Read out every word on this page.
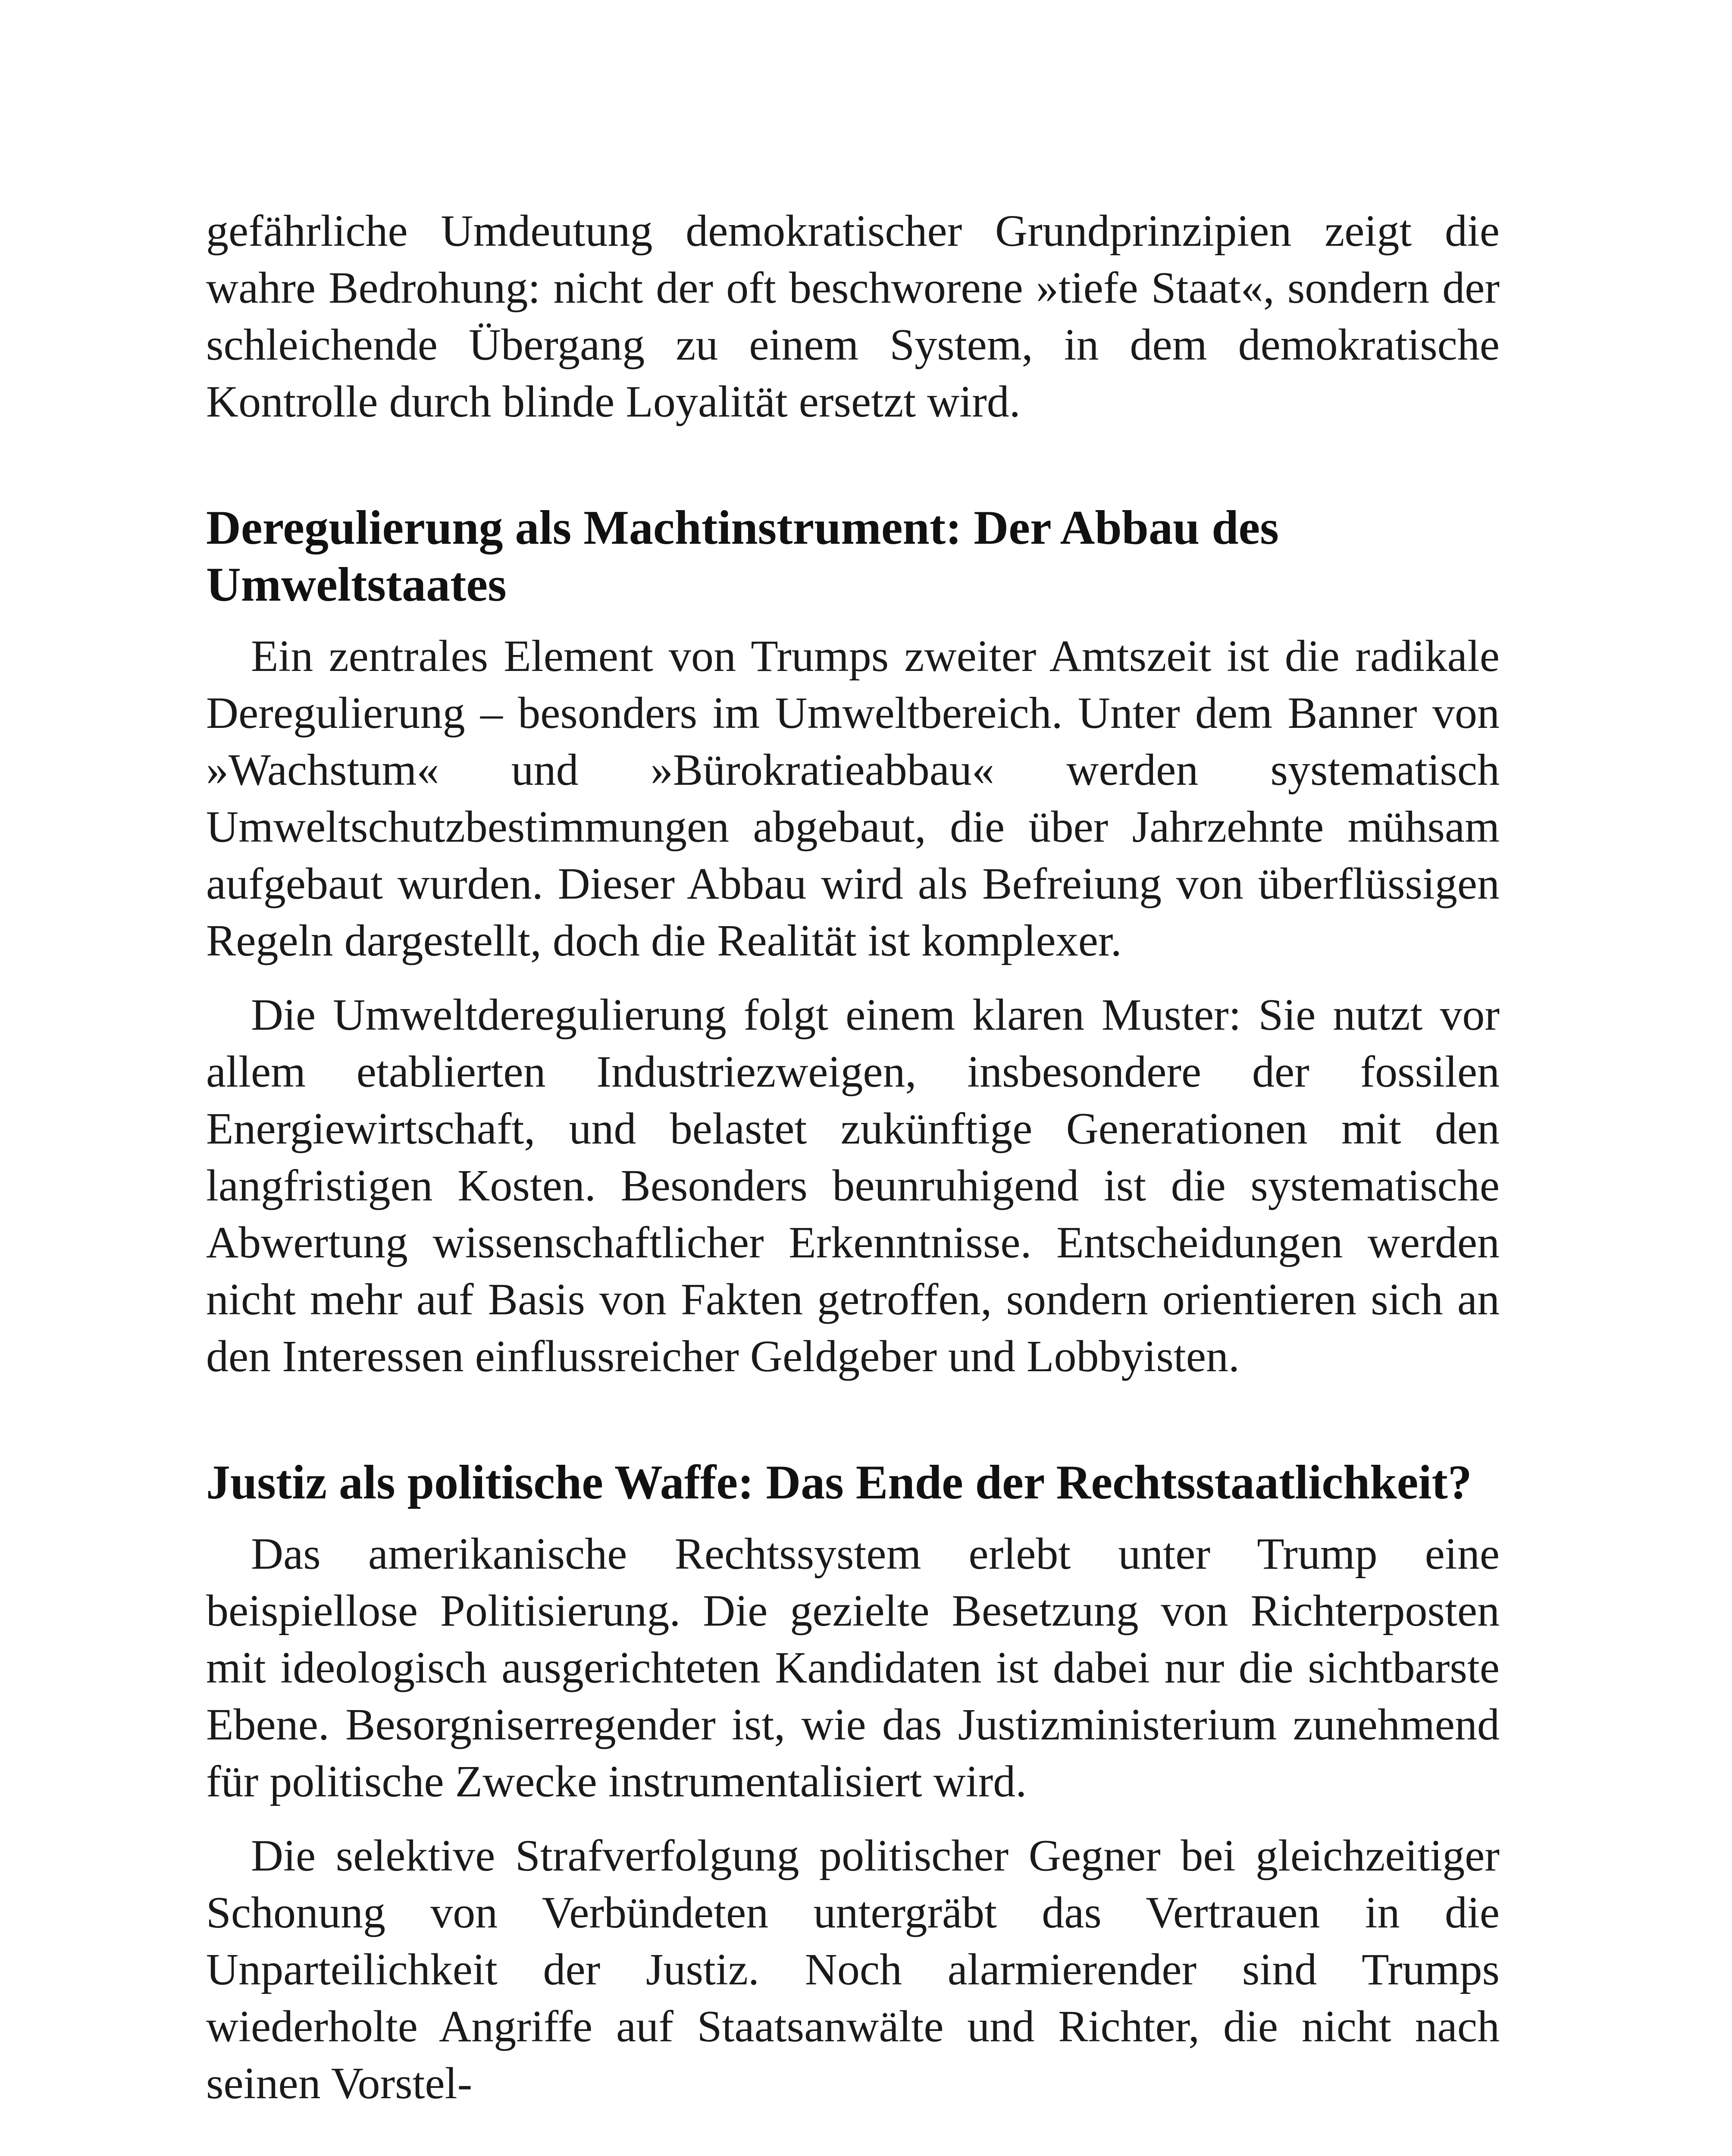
gefährliche Umdeutung demokratischer Grundprinzipien zeigt die wahre Bedrohung: nicht der oft beschworene »tiefe Staat«, sondern der schleichende Übergang zu einem System, in dem demokratische Kontrolle durch blinde Loyalität ersetzt wird.

Deregulierung als Machtinstrument: Der Abbau des Umweltstaates

Ein zentrales Element von Trumps zweiter Amtszeit ist die radikale Deregulierung – besonders im Umweltbereich. Unter dem Banner von »Wachstum« und »Bürokratieabbau« werden systematisch Umweltschutzbestimmungen abgebaut, die über Jahrzehnte mühsam aufgebaut wurden. Dieser Abbau wird als Befreiung von überflüssigen Regeln dargestellt, doch die Realität ist komplexer.

Die Umweltderegulierung folgt einem klaren Muster: Sie nutzt vor allem etablierten Industriezweigen, insbesondere der fossilen Energiewirtschaft, und belastet zukünftige Generationen mit den langfristigen Kosten. Besonders beunruhigend ist die systematische Abwertung wissenschaftlicher Erkenntnisse. Entscheidungen werden nicht mehr auf Basis von Fakten getroffen, sondern orientieren sich an den Interessen einflussreicher Geldgeber und Lobbyisten.

Justiz als politische Waffe: Das Ende der Rechtsstaatlichkeit?

Das amerikanische Rechtssystem erlebt unter Trump eine beispiellose Politisierung. Die gezielte Besetzung von Richterposten mit ideologisch ausgerichteten Kandidaten ist dabei nur die sichtbarste Ebene. Besorgniserregender ist, wie das Justizministerium zunehmend für politische Zwecke instrumentalisiert wird.

Die selektive Strafverfolgung politischer Gegner bei gleichzeitiger Schonung von Verbündeten untergräbt das Vertrauen in die Unparteilichkeit der Justiz. Noch alarmierender sind Trumps wiederholte Angriffe auf Staatsanwälte und Richter, die nicht nach seinen Vorstel-
